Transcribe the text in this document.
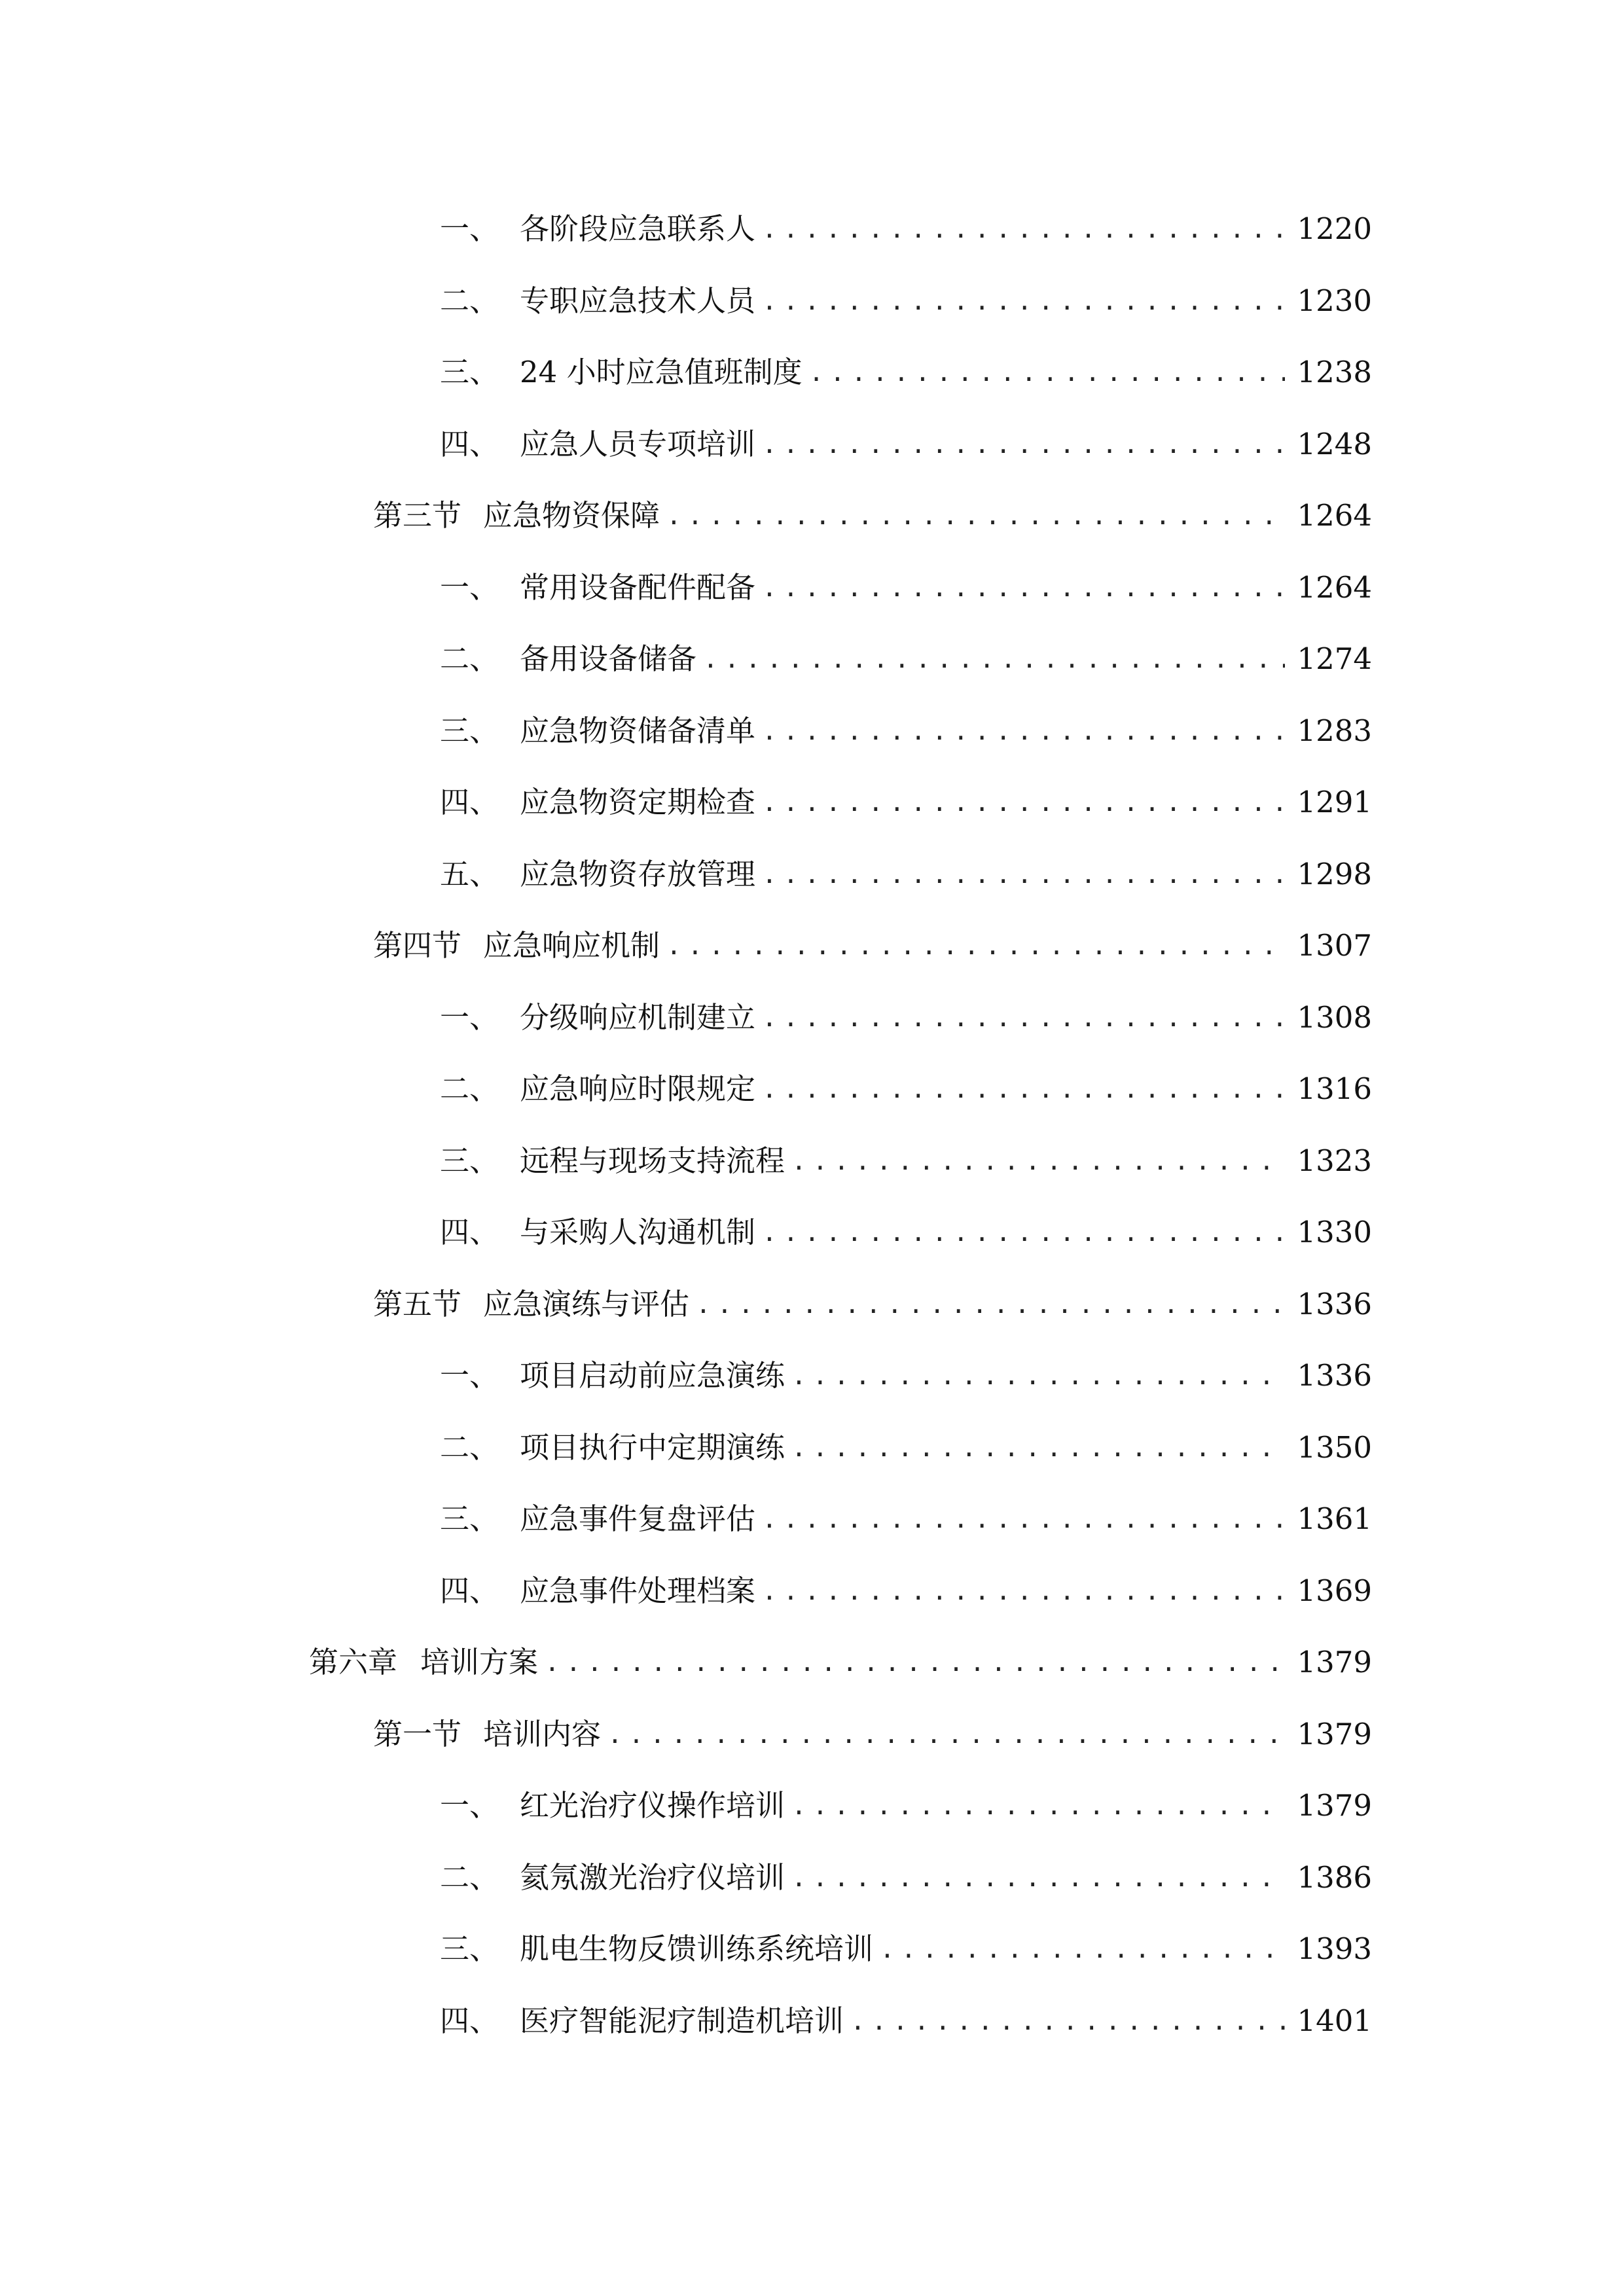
一、 各阶段应急联系人 .....	1220
二、 专职应急技术人员 .....	1230
三、 24 小时应急值班制度 .....	1238
四、 应急人员专项培训 .....	1248
第三节 应急物资保障 .....	1264
一、 常用设备配件配备 .....	1264
二、 备用设备储备 .....	1274
三、 应急物资储备清单 .....	1283
四、 应急物资定期检查 .....	1291
五、 应急物资存放管理 .....	1298
第四节 应急响应机制 .....	1307
一、 分级响应机制建立 .....	1308
二、 应急响应时限规定 .....	1316
三、 远程与现场支持流程 .....	1323
四、 与采购人沟通机制 .....	1330
第五节 应急演练与评估 .....	1336
一、 项目启动前应急演练 .....	1336
二、 项目执行中定期演练 .....	1350
三、 应急事件复盘评估 .....	1361
四、 应急事件处理档案 .....	1369
第六章 培训方案 .....	1379
第一节 培训内容 .....	1379
一、 红光治疗仪操作培训 .....	1379
二、 氦氖激光治疗仪培训 .....	1386
三、 肌电生物反馈训练系统培训 .....	1393
四、 医疗智能泥疗制造机培训 .....	1401
